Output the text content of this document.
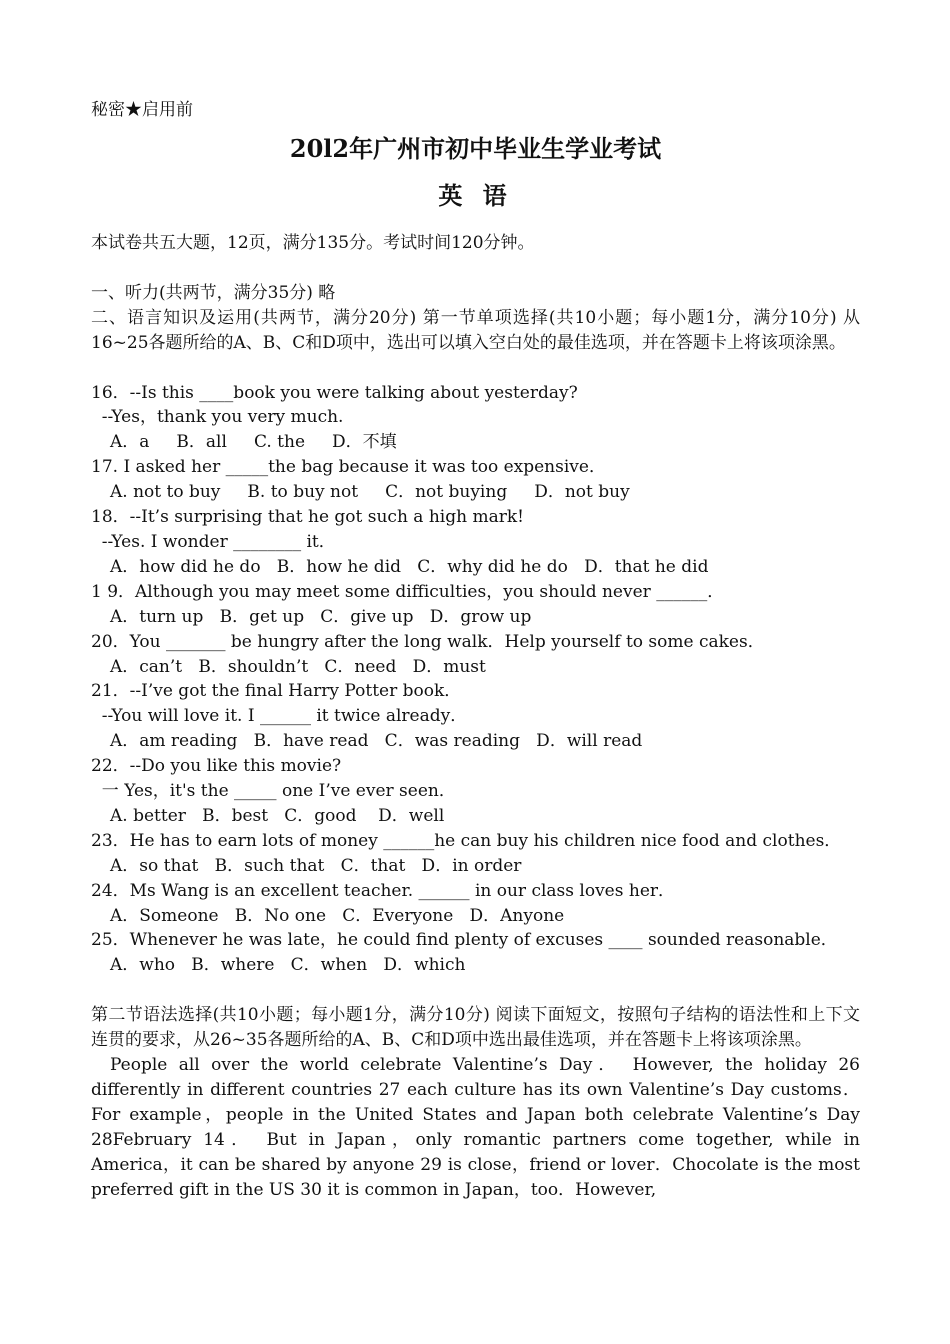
秘密★启用前
20l2年广州市初中毕业生学业考试
英 语
本试卷共五大题，12页，满分135分。考试时间120分钟。
一、听力(共两节，满分35分) 略
二、语言知识及运用(共两节，满分20分) 第一节单项选择(共10小题；每小题1分，满分10分) 从16~25各题所给的A、B、C和D项中，选出可以填入空白处的最佳选项，并在答题卡上将该项涂黑。
16．--Is this ____book you were talking about yesterday?
--Yes，thank you very much.
A．a     B．all     C. the     D．不填
17. I asked her _____the bag because it was too expensive．
A. not to buy     B. to buy not     C．not buying     D．not buy
18．--It’s surprising that he got such a high mark!
--Yes. I wonder ________ it．
A．how did he do   B．how he did   C．why did he do   D．that he did
1 9．Although you may meet some difficulties，you should never ______．
A．turn up   B．get up   C．give up   D．grow up
20．You _______ be hungry after the long walk．Help yourself to some cakes．
A．can’t   B．shouldn’t   C．need   D．must
21．--I’ve got the final Harry Potter book．
--You will love it. I ______ it twice already．
A．am reading   B．have read   C．was reading   D．will read
22．--Do you like this movie?
一 Yes，it's the _____ one I’ve ever seen．
A. better   B．best   C．good    D．well
23．He has to earn lots of money ______he can buy his children nice food and clothes．
A．so that   B．such that   C．that   D．in order
24．Ms Wang is an excellent teacher. ______ in our class loves her．
A．Someone   B．No one   C．Everyone   D．Anyone
25．Whenever he was late，he could find plenty of excuses ____ sounded reasonable．
A．who   B．where   C．when   D．which
第二节语法选择(共10小题；每小题1分，满分10分) 阅读下面短文，按照句子结构的语法性和上下文连贯的要求，从26~35各题所给的A、B、C和D项中选出最佳选项，并在答题卡上将该项涂黑。
People all over the world celebrate Valentine’s Day． However, the holiday 26 differently in different countries 27 each culture has its own Valentine’s Day customs． For example，people in the United States and Japan both celebrate Valentine’s Day 28February 14． But in Japan，only romantic partners come together, while in America，it can be shared by anyone 29 is close，friend or lover．Chocolate is the most preferred gift in the US 30 it is common in Japan，too．However,
